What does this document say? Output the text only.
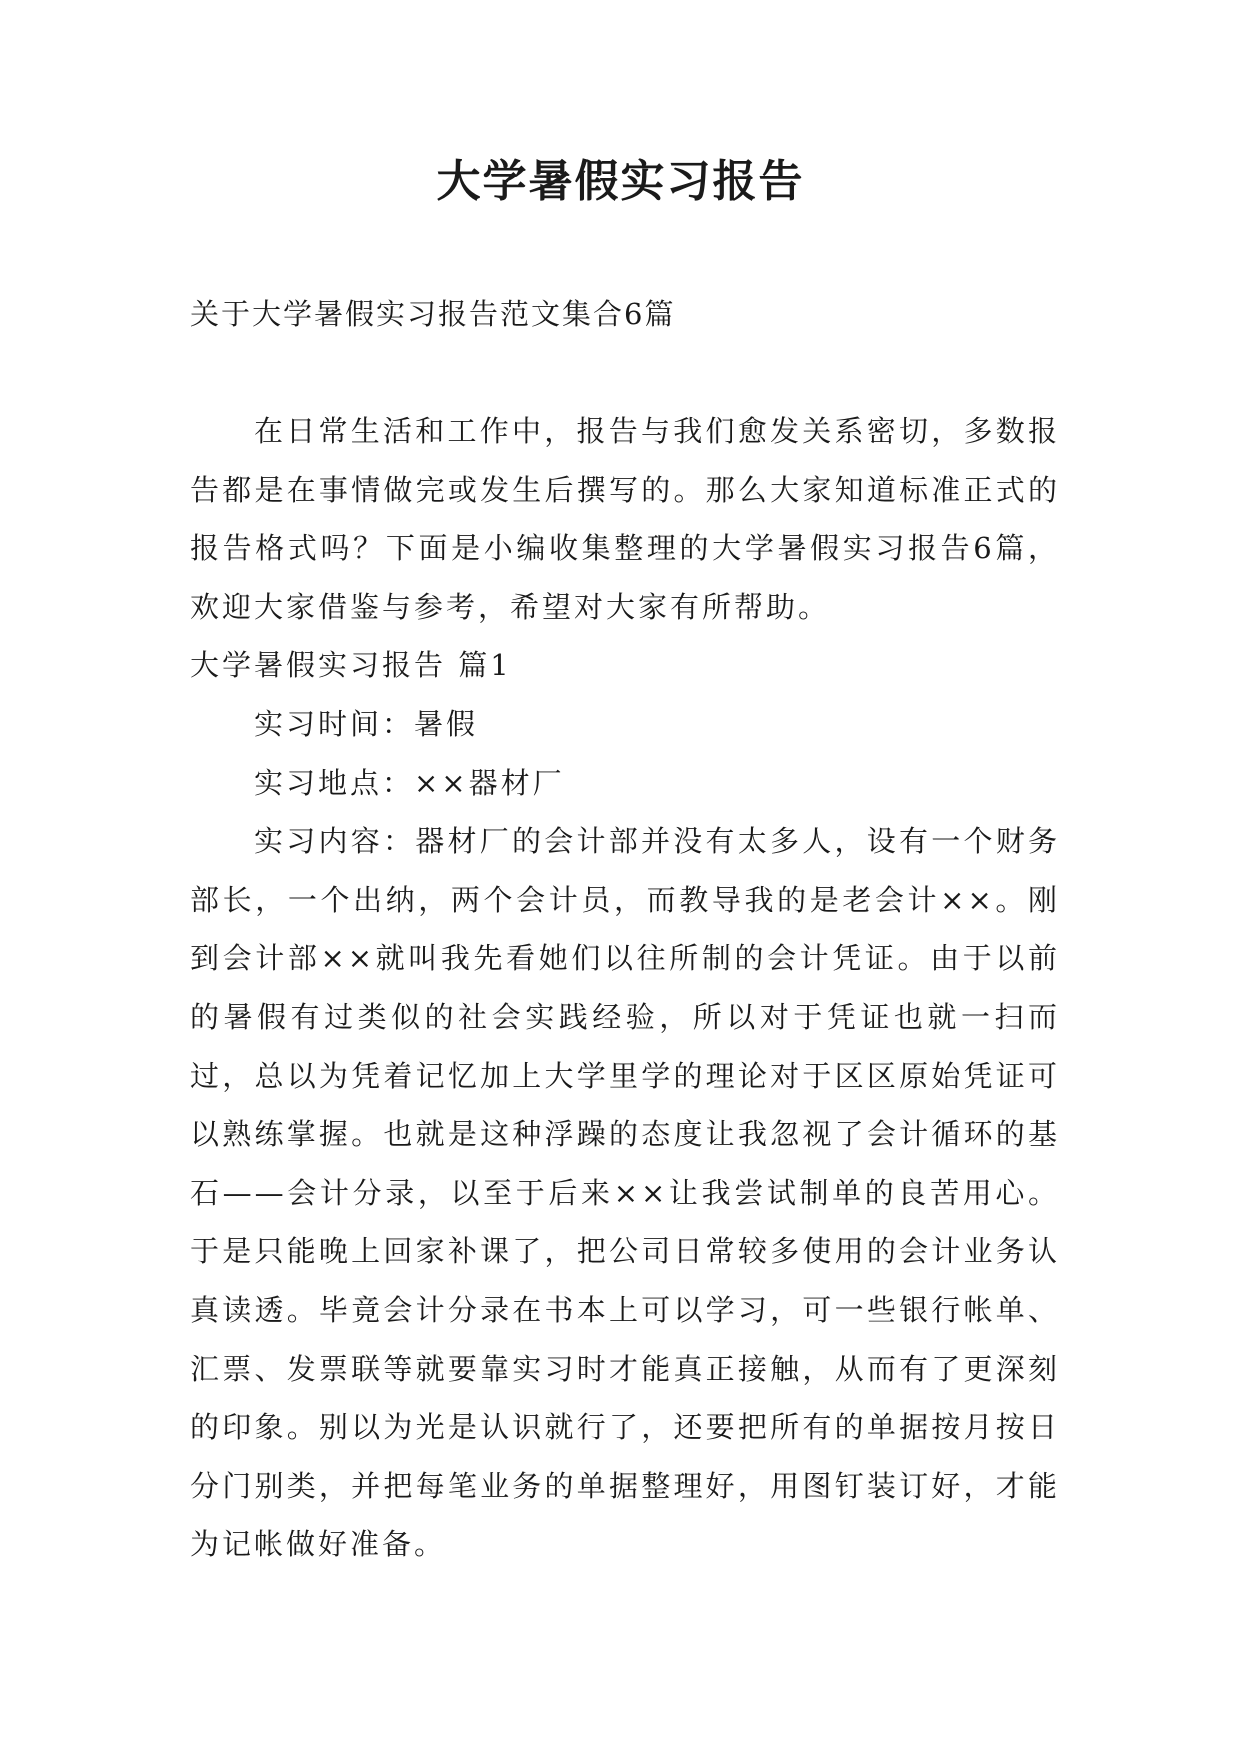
大学暑假实习报告
关于大学暑假实习报告范文集合6篇

在日常生活和工作中，报告与我们愈发关系密切，多数报告都是在事情做完或发生后撰写的。那么大家知道标准正式的报告格式吗？下面是小编收集整理的大学暑假实习报告6篇，欢迎大家借鉴与参考，希望对大家有所帮助。

大学暑假实习报告 篇1

实习时间：暑假

实习地点：××器材厂

实习内容：器材厂的会计部并没有太多人，设有一个财务部长，一个出纳，两个会计员，而教导我的是老会计××。刚到会计部××就叫我先看她们以往所制的会计凭证。由于以前的暑假有过类似的社会实践经验，所以对于凭证也就一扫而过，总以为凭着记忆加上大学里学的理论对于区区原始凭证可以熟练掌握。也就是这种浮躁的态度让我忽视了会计循环的基石——会计分录，以至于后来××让我尝试制单的良苦用心。于是只能晚上回家补课了，把公司日常较多使用的会计业务认真读透。毕竟会计分录在书本上可以学习，可一些银行帐单、汇票、发票联等就要靠实习时才能真正接触，从而有了更深刻的印象。别以为光是认识就行了，还要把所有的单据按月按日分门别类，并把每笔业务的单据整理好，用图钉装订好，才能为记帐做好准备。
